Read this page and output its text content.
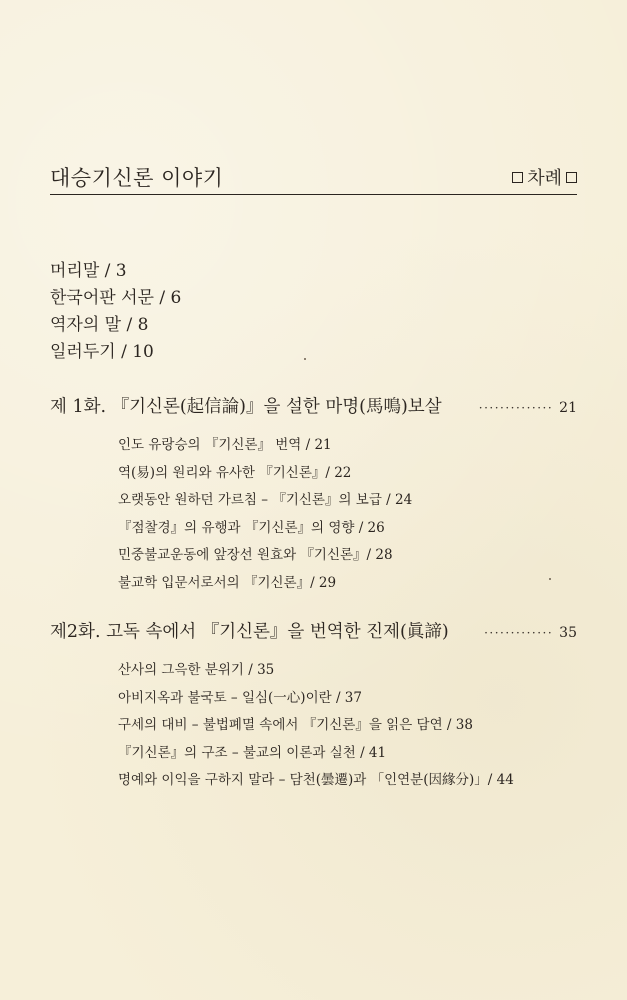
대승기신론 이야기	차례
머리말 / 3
한국어판 서문 / 6
역자의 말 / 8
일러두기 / 10
제 1화. 『기신론(起信論)』을 설한 마명(馬鳴)보살	·············· 21
인도 유랑승의 『기신론』 번역 / 21
역(易)의 원리와 유사한 『기신론』/ 22
오랫동안 원하던 가르침 – 『기신론』의 보급 / 24
『점찰경』의 유행과 『기신론』의 영향 / 26
민중불교운동에 앞장선 원효와 『기신론』/ 28
불교학 입문서로서의 『기신론』/ 29
제2화. 고독 속에서 『기신론』을 번역한 진제(眞諦)	············· 35
산사의 그윽한 분위기 / 35
아비지옥과 불국토 – 일심(一心)이란 / 37
구세의 대비 – 불법폐멸 속에서 『기신론』을 읽은 담연 / 38
『기신론』의 구조 – 불교의 이론과 실천 / 41
명예와 이익을 구하지 말라 – 담천(曇遷)과 「인연분(因緣分)」/ 44
